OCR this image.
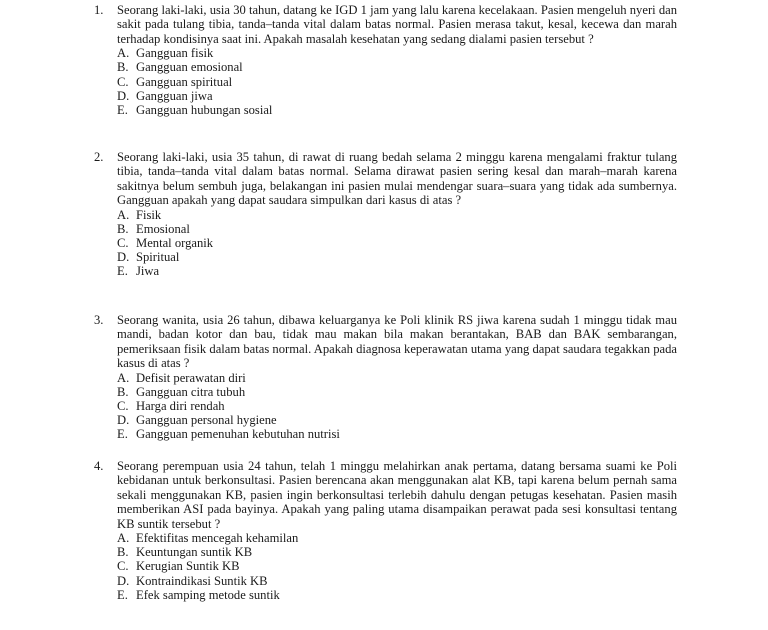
1.	Seorang laki-laki, usia 30 tahun, datang ke IGD 1 jam yang lalu karena kecelakaan. Pasien mengeluh nyeri dan sakit pada tulang tibia, tanda–tanda vital dalam batas normal. Pasien merasa takut, kesal, kecewa dan marah terhadap kondisinya saat ini. Apakah masalah kesehatan yang sedang dialami pasien tersebut ?
A. Gangguan fisik
B. Gangguan emosional
C. Gangguan spiritual
D. Gangguan jiwa
E. Gangguan hubungan sosial
2.	Seorang laki-laki, usia 35 tahun, di rawat di ruang bedah selama 2 minggu karena mengalami fraktur tulang tibia, tanda–tanda vital dalam batas normal. Selama dirawat pasien sering kesal dan marah–marah karena sakitnya belum sembuh juga, belakangan ini pasien mulai mendengar suara–suara yang tidak ada sumbernya. Gangguan apakah yang dapat saudara simpulkan dari kasus di atas ?
A. Fisik
B. Emosional
C. Mental organik
D. Spiritual
E. Jiwa
3.	Seorang wanita, usia 26 tahun, dibawa keluarganya ke Poli klinik RS jiwa karena sudah 1 minggu tidak mau mandi, badan kotor dan bau, tidak mau makan bila makan berantakan, BAB dan BAK sembarangan, pemeriksaan fisik dalam batas normal. Apakah diagnosa keperawatan utama yang dapat saudara tegakkan pada kasus di atas ?
A. Defisit perawatan diri
B. Gangguan citra tubuh
C. Harga diri rendah
D. Gangguan personal hygiene
E. Gangguan pemenuhan kebutuhan nutrisi
4.	Seorang perempuan usia 24 tahun, telah 1 minggu melahirkan anak pertama, datang bersama suami ke Poli kebidanan untuk berkonsultasi. Pasien berencana akan menggunakan alat KB, tapi karena belum pernah sama sekali menggunakan KB, pasien ingin berkonsultasi terlebih dahulu dengan petugas kesehatan. Pasien masih memberikan ASI pada bayinya. Apakah yang paling utama disampaikan perawat pada sesi konsultasi tentang KB suntik tersebut ?
A. Efektifitas mencegah kehamilan
B. Keuntungan suntik KB
C. Kerugian Suntik KB
D. Kontraindikasi Suntik KB
E. Efek samping metode suntik
